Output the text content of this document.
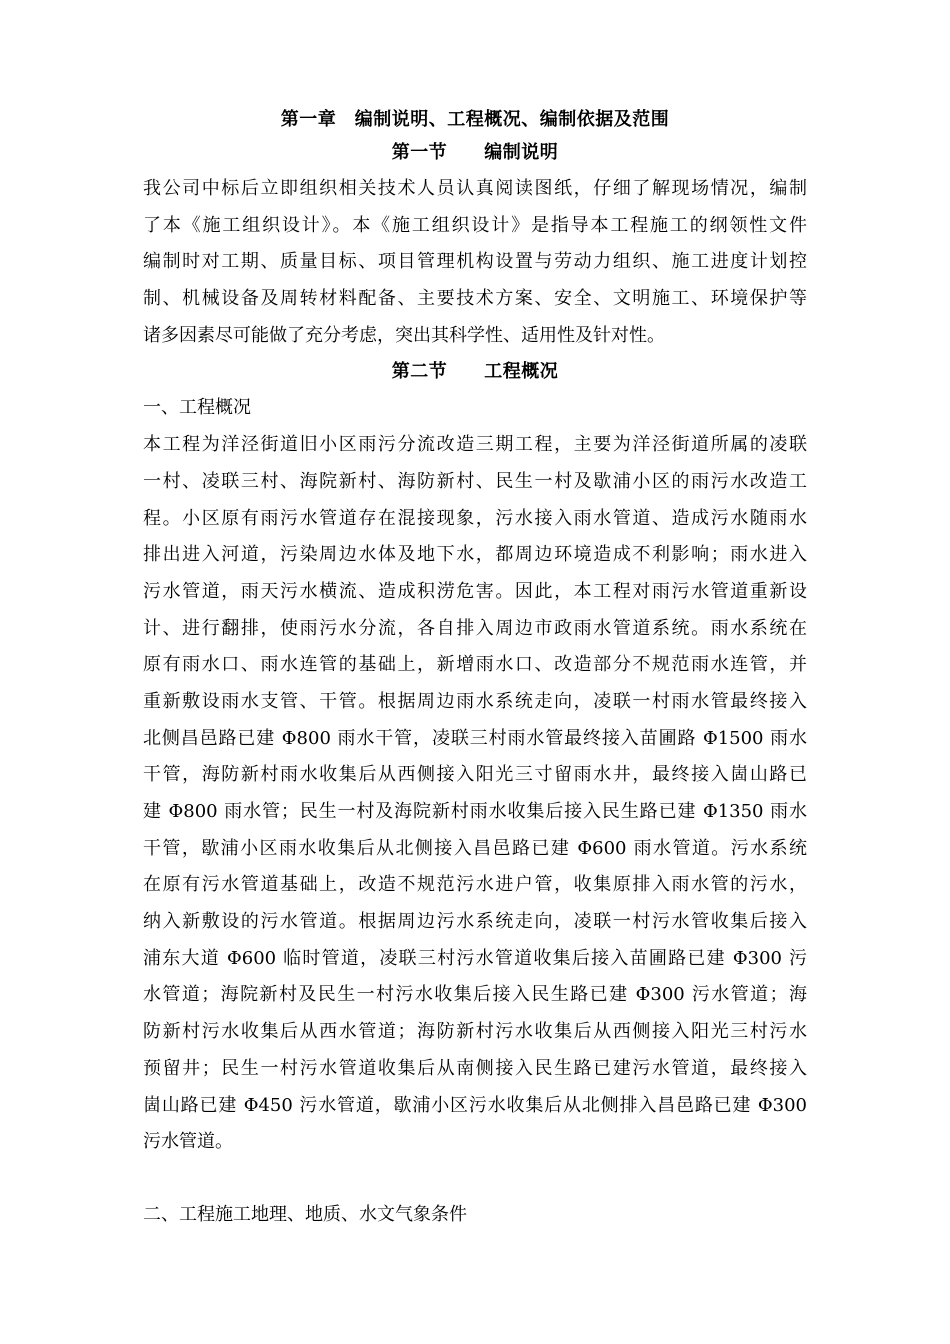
第一章　编制说明、工程概况、编制依据及范围
第一节　　编制说明
我公司中标后立即组织相关技术人员认真阅读图纸，仔细了解现场情况，编制
了本《施工组织设计》。本《施工组织设计》是指导本工程施工的纲领性文件
编制时对工期、质量目标、项目管理机构设置与劳动力组织、施工进度计划控
制、机械设备及周转材料配备、主要技术方案、安全、文明施工、环境保护等
诸多因素尽可能做了充分考虑，突出其科学性、适用性及针对性。
第二节　　工程概况
一、工程概况
本工程为洋泾街道旧小区雨污分流改造三期工程，主要为洋泾街道所属的凌联
一村、凌联三村、海院新村、海防新村、民生一村及歇浦小区的雨污水改造工
程。小区原有雨污水管道存在混接现象，污水接入雨水管道、造成污水随雨水
排出进入河道，污染周边水体及地下水，都周边环境造成不利影响；雨水进入
污水管道，雨天污水横流、造成积涝危害。因此，本工程对雨污水管道重新设
计、进行翻排，使雨污水分流，各自排入周边市政雨水管道系统。雨水系统在
原有雨水口、雨水连管的基础上，新增雨水口、改造部分不规范雨水连管，并
重新敷设雨水支管、干管。根据周边雨水系统走向，凌联一村雨水管最终接入
北侧昌邑路已建 Φ800 雨水干管，凌联三村雨水管最终接入苗圃路 Φ1500 雨水
干管，海防新村雨水收集后从西侧接入阳光三寸留雨水井，最终接入崮山路已
建 Φ800 雨水管；民生一村及海院新村雨水收集后接入民生路已建 Φ1350 雨水
干管，歇浦小区雨水收集后从北侧接入昌邑路已建 Φ600 雨水管道。污水系统
在原有污水管道基础上，改造不规范污水进户管，收集原排入雨水管的污水，
纳入新敷设的污水管道。根据周边污水系统走向，凌联一村污水管收集后接入
浦东大道 Φ600 临时管道，凌联三村污水管道收集后接入苗圃路已建 Φ300 污
水管道；海院新村及民生一村污水收集后接入民生路已建 Φ300 污水管道；海
防新村污水收集后从西水管道；海防新村污水收集后从西侧接入阳光三村污水
预留井；民生一村污水管道收集后从南侧接入民生路已建污水管道，最终接入
崮山路已建 Φ450 污水管道，歇浦小区污水收集后从北侧排入昌邑路已建 Φ300
污水管道。
二、工程施工地理、地质、水文气象条件
